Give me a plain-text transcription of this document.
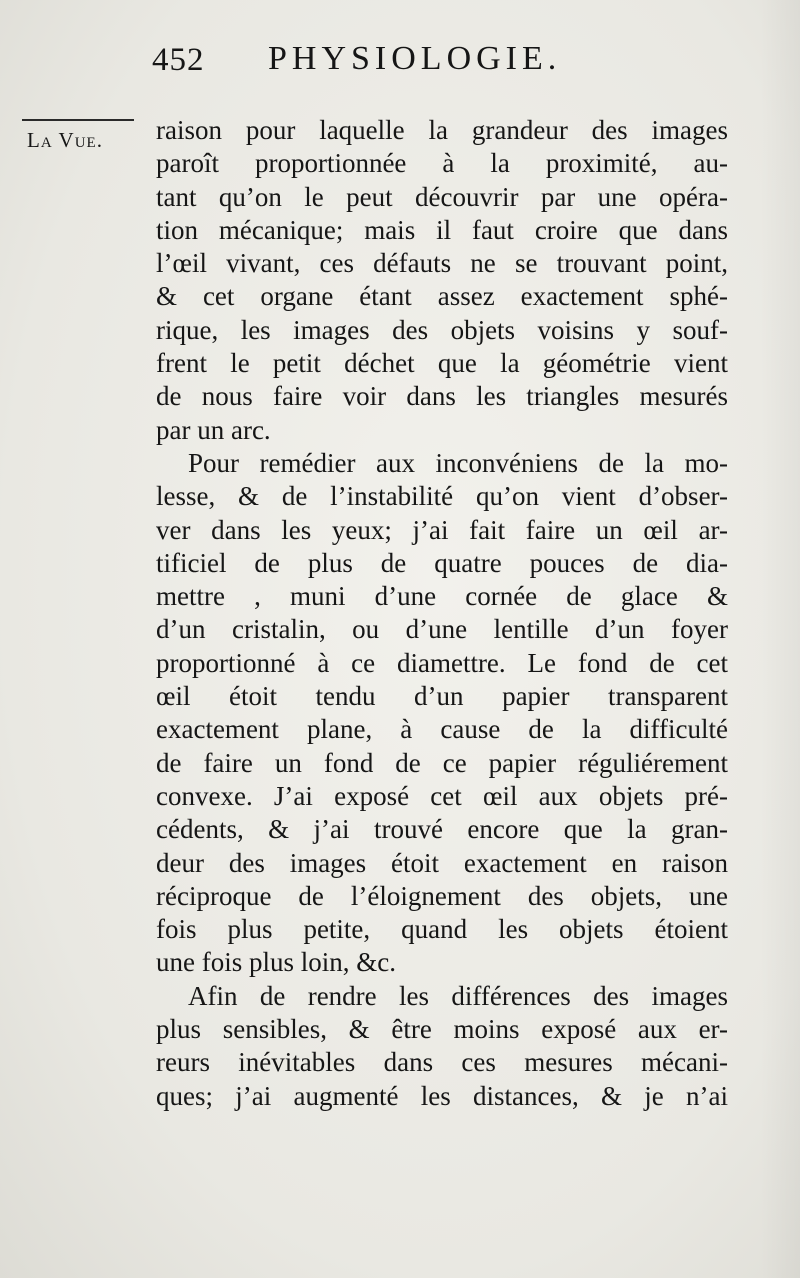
452 PHYSIOLOGIE.
La Vue. raison pour laquelle la grandeur des images
paroît proportionnée à la proximité, au-
tant qu’on le peut découvrir par une opéra-
tion mécanique; mais il faut croire que dans
l’œil vivant, ces défauts ne se trouvant point,
& cet organe étant assez exactement sphé-
rique, les images des objets voisins y souf-
frent le petit déchet que la géométrie vient
de nous faire voir dans les triangles mesurés
par un arc.
Pour remédier aux inconvéniens de la mo-
lesse, & de l’instabilité qu’on vient d’obser-
ver dans les yeux; j’ai fait faire un œil ar-
tificiel de plus de quatre pouces de dia-
mettre , muni d’une cornée de glace &
d’un cristalin, ou d’une lentille d’un foyer
proportionné à ce diamettre. Le fond de cet
œil étoit tendu d’un papier transparent
exactement plane, à cause de la difficulté
de faire un fond de ce papier réguliérement
convexe. J’ai exposé cet œil aux objets pré-
cédents, & j’ai trouvé encore que la gran-
deur des images étoit exactement en raison
réciproque de l’éloignement des objets, une
fois plus petite, quand les objets étoient
une fois plus loin, &c.
Afin de rendre les différences des images
plus sensibles, & être moins exposé aux er-
reurs inévitables dans ces mesures mécani-
ques; j’ai augmenté les distances, & je n’ai
